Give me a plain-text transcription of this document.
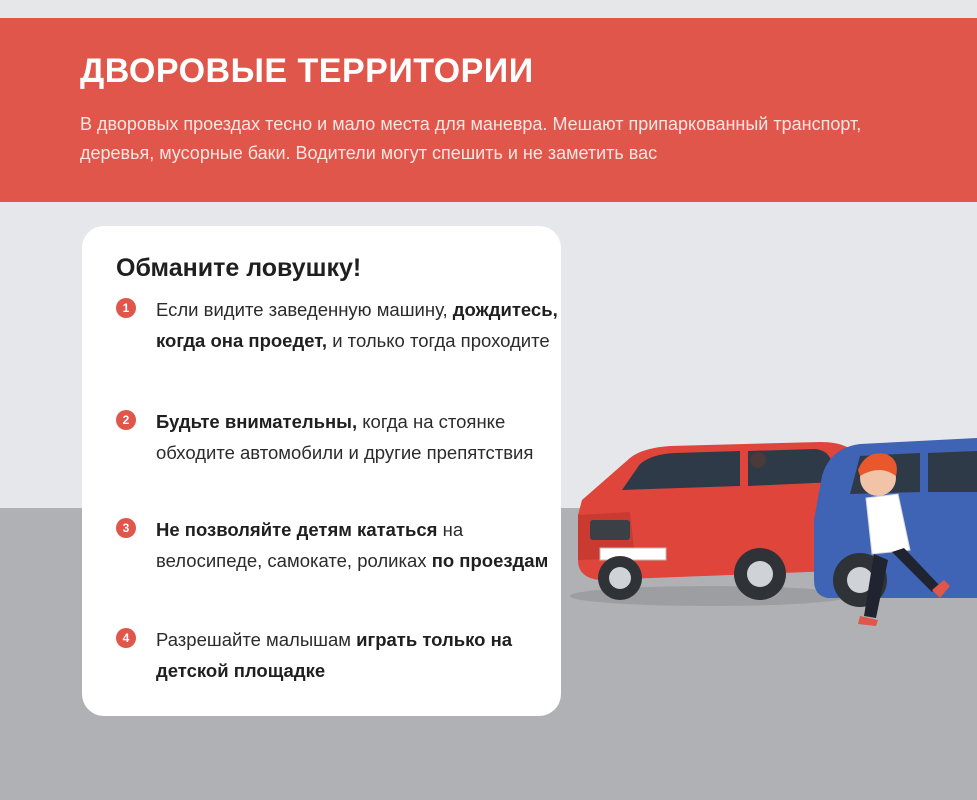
ДВОРОВЫЕ ТЕРРИТОРИИ

В дворовых проездах тесно и мало места для маневра. Мешают припаркованный транспорт, деревья, мусорные баки. Водители могут спешить и не заметить вас

Обманите ловушку!
1	Если видите заведенную машину, дождитесь, когда она проедет, и только тогда проходите

2	Будьте внимательны, когда на стоянке обходите автомобили и другие препятствия

3	Не позволяйте детям кататься на велосипеде, самокате, роликах по проездам

4	Разрешайте малышам играть только на детской площадке
